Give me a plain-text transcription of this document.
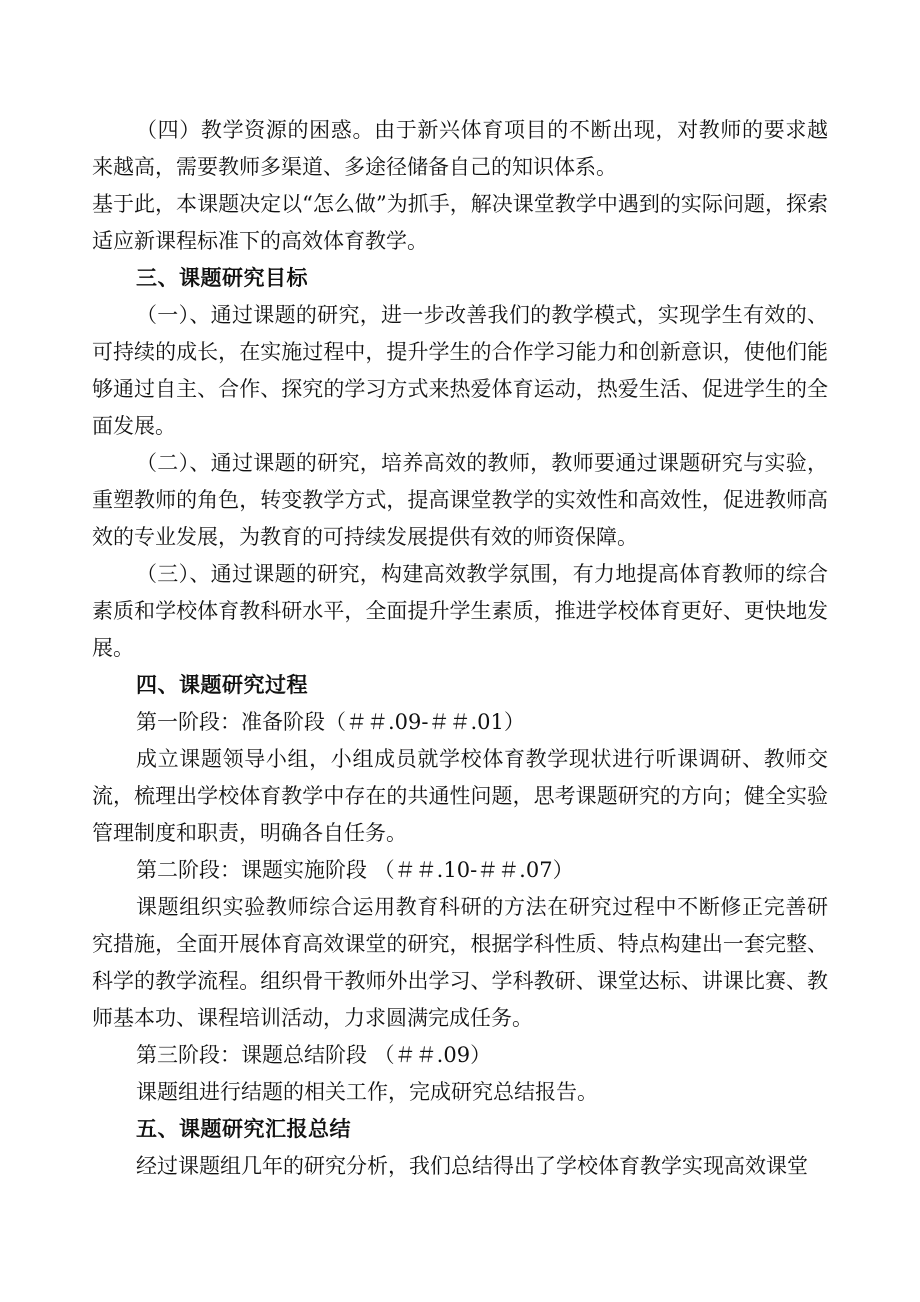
（四）教学资源的困惑。由于新兴体育项目的不断出现，对教师的要求越来越高，需要教师多渠道、多途径储备自己的知识体系。

基于此，本课题决定以“怎么做”为抓手，解决课堂教学中遇到的实际问题，探索适应新课程标准下的高效体育教学。

三、课题研究目标

（一）、通过课题的研究，进一步改善我们的教学模式，实现学生有效的、可持续的成长，在实施过程中，提升学生的合作学习能力和创新意识，使他们能够通过自主、合作、探究的学习方式来热爱体育运动，热爱生活、促进学生的全面发展。

（二）、通过课题的研究，培养高效的教师，教师要通过课题研究与实验，重塑教师的角色，转变教学方式，提高课堂教学的实效性和高效性，促进教师高效的专业发展，为教育的可持续发展提供有效的师资保障。

（三）、通过课题的研究，构建高效教学氛围，有力地提高体育教师的综合素质和学校体育教科研水平，全面提升学生素质，推进学校体育更好、更快地发展。

四、课题研究过程

第一阶段：准备阶段（＃＃.09-＃＃.01）

成立课题领导小组，小组成员就学校体育教学现状进行听课调研、教师交流，梳理出学校体育教学中存在的共通性问题，思考课题研究的方向；健全实验管理制度和职责，明确各自任务。

第二阶段：课题实施阶段 （＃＃.10-＃＃.07）

课题组织实验教师综合运用教育科研的方法在研究过程中不断修正完善研究措施，全面开展体育高效课堂的研究，根据学科性质、特点构建出一套完整、科学的教学流程。组织骨干教师外出学习、学科教研、课堂达标、讲课比赛、教师基本功、课程培训活动，力求圆满完成任务。

第三阶段：课题总结阶段 （＃＃.09）

课题组进行结题的相关工作，完成研究总结报告。

五、课题研究汇报总结

经过课题组几年的研究分析，我们总结得出了学校体育教学实现高效课堂
